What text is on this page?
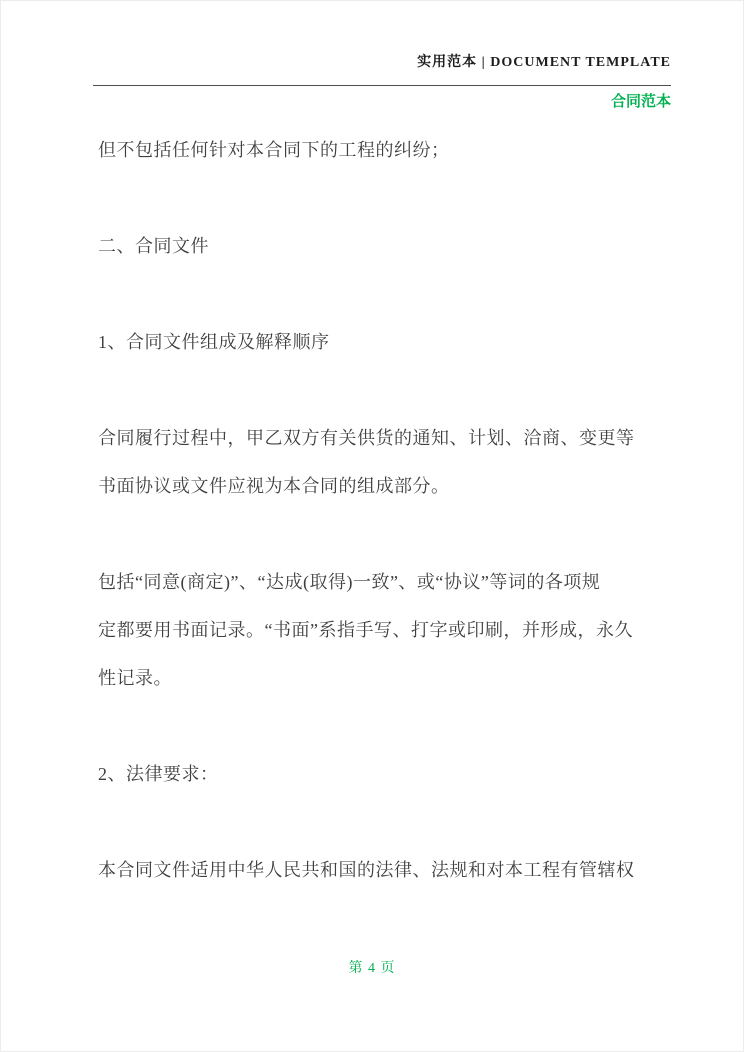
实用范本 | DOCUMENT TEMPLATE
合同范本

但不包括任何针对本合同下的工程的纠纷；

二、合同文件

1、合同文件组成及解释顺序

合同履行过程中，甲乙双方有关供货的通知、计划、洽商、变更等
书面协议或文件应视为本合同的组成部分。

包括“同意(商定)”、“达成(取得)一致”、或“协议”等词的各项规
定都要用书面记录。“书面”系指手写、打字或印刷，并形成，永久
性记录。

2、法律要求：

本合同文件适用中华人民共和国的法律、法规和对本工程有管辖权

第 4 页
